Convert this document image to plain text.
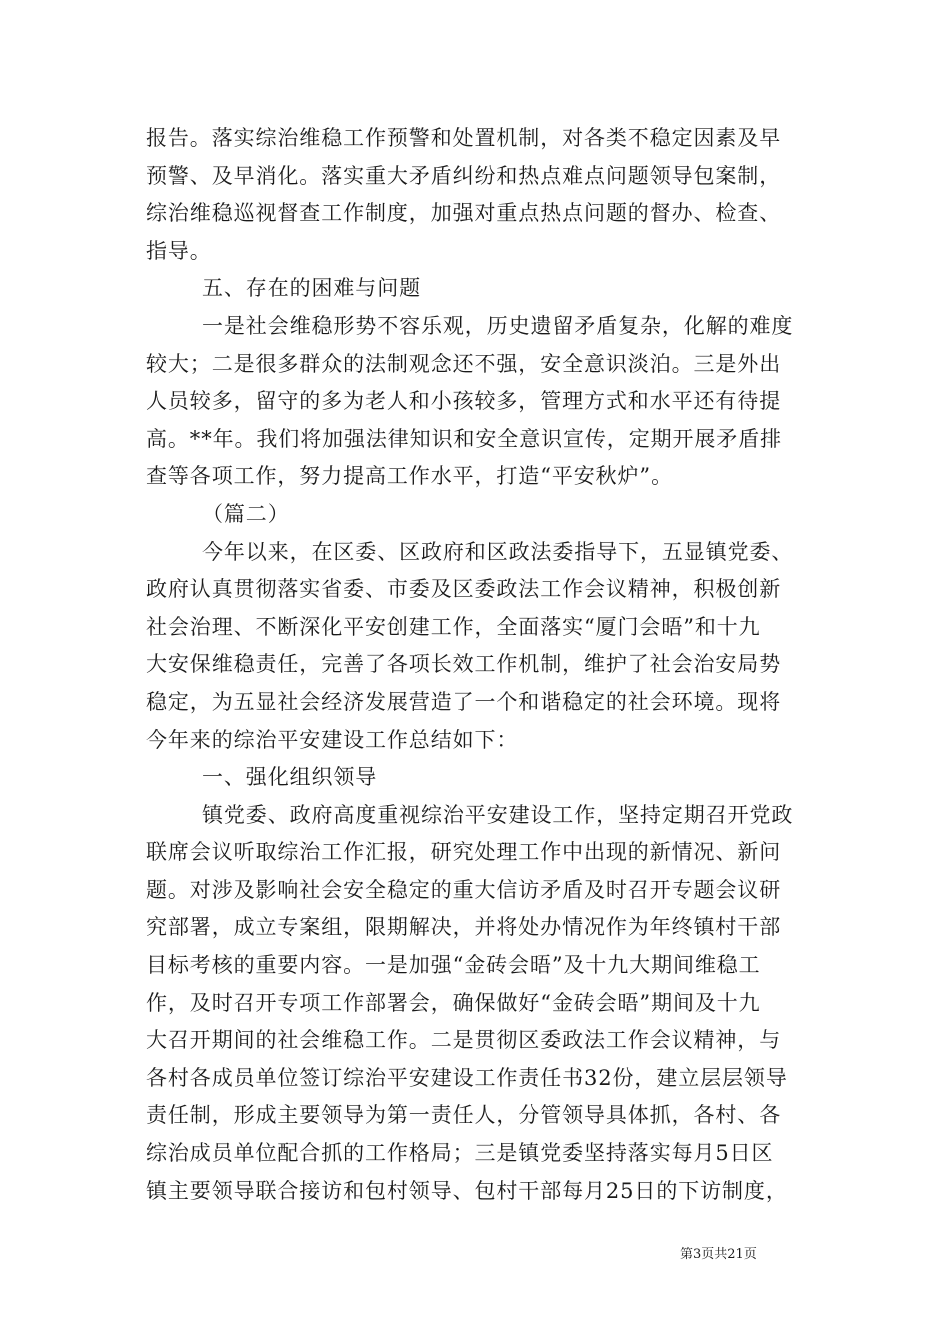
报告。落实综治维稳工作预警和处置机制，对各类不稳定因素及早
预警、及早消化。落实重大矛盾纠纷和热点难点问题领导包案制，
综治维稳巡视督查工作制度，加强对重点热点问题的督办、检查、
指导。
五、存在的困难与问题
一是社会维稳形势不容乐观，历史遗留矛盾复杂，化解的难度
较大；二是很多群众的法制观念还不强，安全意识淡泊。三是外出
人员较多，留守的多为老人和小孩较多，管理方式和水平还有待提
高。**年。我们将加强法律知识和安全意识宣传，定期开展矛盾排
查等各项工作，努力提高工作水平，打造“平安秋炉”。
（篇二）
今年以来，在区委、区政府和区政法委指导下，五显镇党委、
政府认真贯彻落实省委、市委及区委政法工作会议精神，积极创新
社会治理、不断深化平安创建工作，全面落实“厦门会晤”和十九
大安保维稳责任，完善了各项长效工作机制，维护了社会治安局势
稳定，为五显社会经济发展营造了一个和谐稳定的社会环境。现将
今年来的综治平安建设工作总结如下：
一、强化组织领导
镇党委、政府高度重视综治平安建设工作，坚持定期召开党政
联席会议听取综治工作汇报，研究处理工作中出现的新情况、新问
题。对涉及影响社会安全稳定的重大信访矛盾及时召开专题会议研
究部署，成立专案组，限期解决，并将处办情况作为年终镇村干部
目标考核的重要内容。一是加强“金砖会晤”及十九大期间维稳工
作，及时召开专项工作部署会，确保做好“金砖会晤”期间及十九
大召开期间的社会维稳工作。二是贯彻区委政法工作会议精神，与
各村各成员单位签订综治平安建设工作责任书32份，建立层层领导
责任制，形成主要领导为第一责任人，分管领导具体抓，各村、各
综治成员单位配合抓的工作格局；三是镇党委坚持落实每月5日区
镇主要领导联合接访和包村领导、包村干部每月25日的下访制度，
第3页共21页
